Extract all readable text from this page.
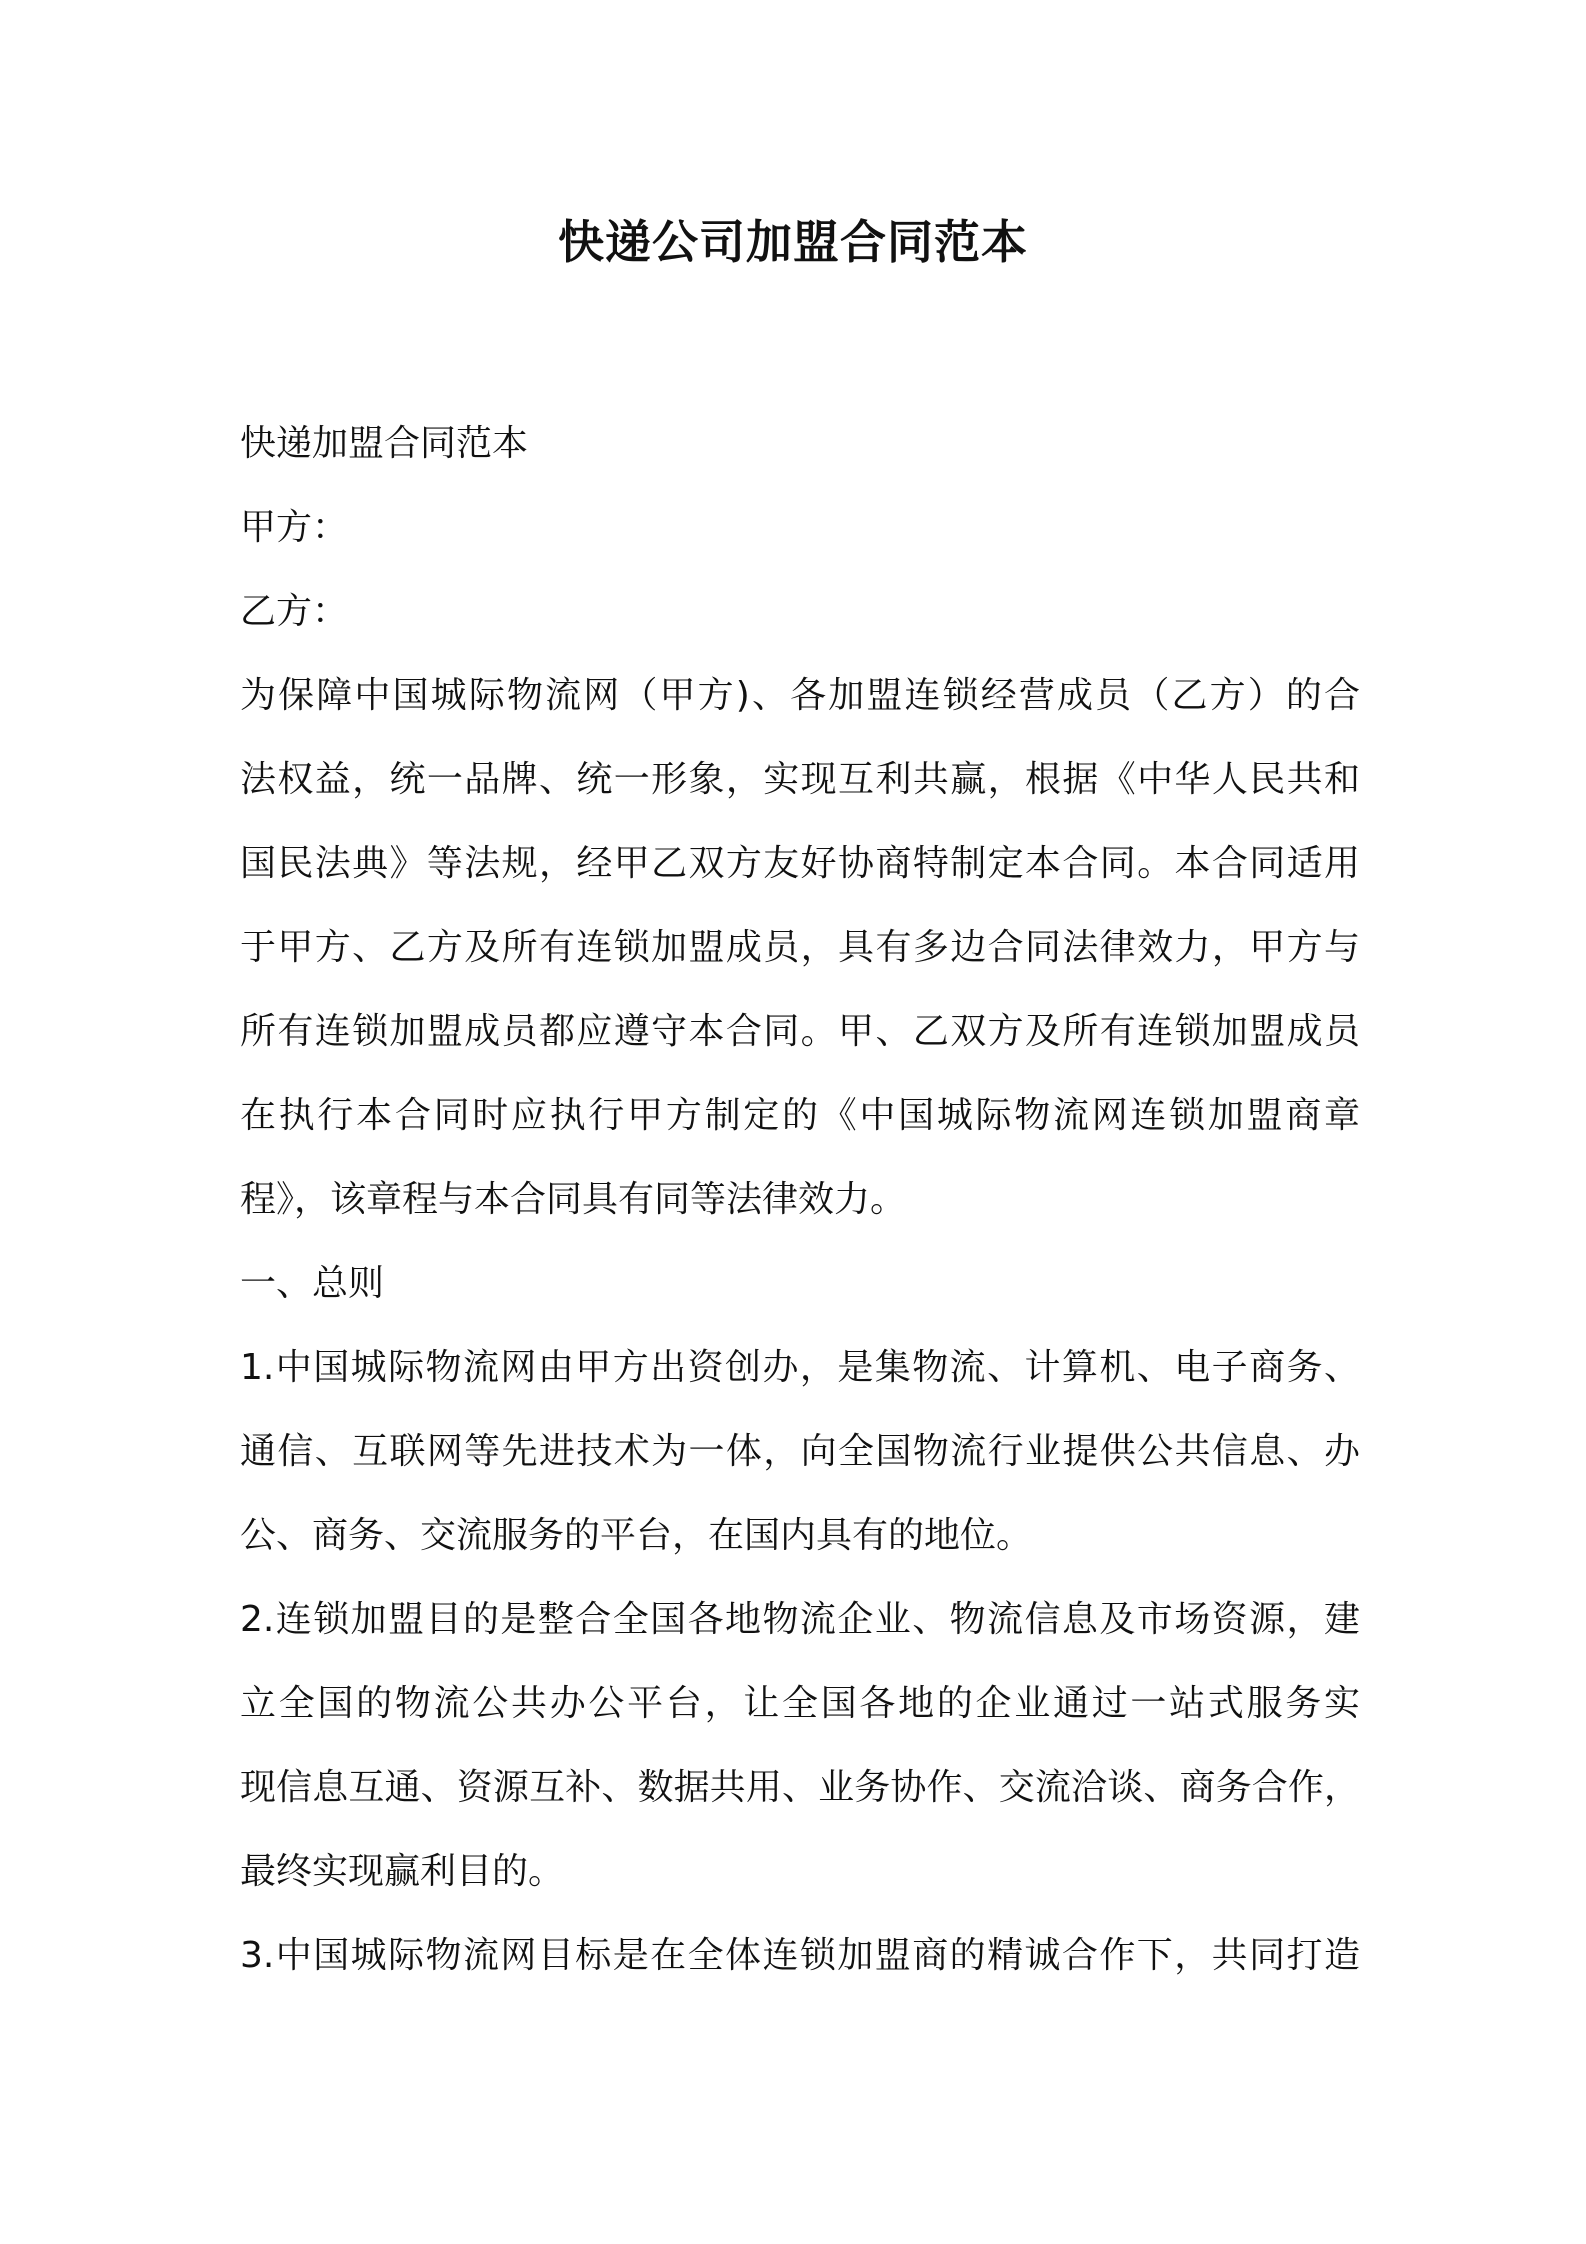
快递公司加盟合同范本

快递加盟合同范本

甲方：

乙方：

为保障中国城际物流网（甲方)、各加盟连锁经营成员（乙方）的合

法权益，统一品牌、统一形象，实现互利共赢，根据《中华人民共和

国民法典》等法规，经甲乙双方友好协商特制定本合同。本合同适用

于甲方、乙方及所有连锁加盟成员，具有多边合同法律效力，甲方与

所有连锁加盟成员都应遵守本合同。甲、乙双方及所有连锁加盟成员

在执行本合同时应执行甲方制定的《中国城际物流网连锁加盟商章

程》，该章程与本合同具有同等法律效力。

一、总则

1.中国城际物流网由甲方出资创办，是集物流、计算机、电子商务、

通信、互联网等先进技术为一体，向全国物流行业提供公共信息、办

公、商务、交流服务的平台，在国内具有的地位。

2.连锁加盟目的是整合全国各地物流企业、物流信息及市场资源，建

立全国的物流公共办公平台，让全国各地的企业通过一站式服务实

现信息互通、资源互补、数据共用、业务协作、交流洽谈、商务合作，

最终实现赢利目的。

3.中国城际物流网目标是在全体连锁加盟商的精诚合作下，共同打造
